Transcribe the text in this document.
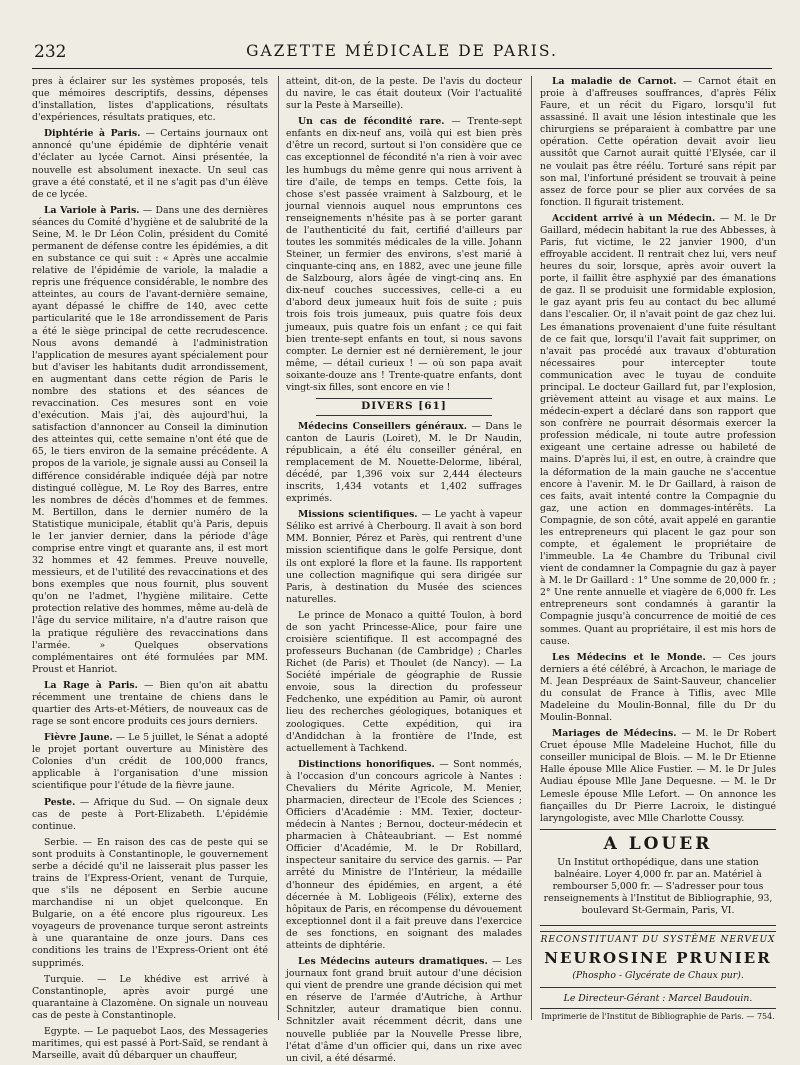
232	GAZETTE MÉDICALE DE PARIS.

pres à éclairer sur les systèmes proposés, tels que mémoires descriptifs, dessins, dépenses d'installation, listes d'applications, résultats d'expériences, résultats pratiques, etc.

Diphtérie à Paris. — Certains journaux ont annoncé qu'une épidémie de diphtérie venait d'éclater au lycée Carnot. Ainsi présentée, la nouvelle est absolument inexacte. Un seul cas grave a été constaté, et il ne s'agit pas d'un élève de ce lycée.

La Variole à Paris. — Dans une des dernières séances du Comité d'hygiène et de salubrité de la Seine, M. le Dr Léon Colin, président du Comité permanent de défense contre les épidémies, a dit en substance ce qui suit : « Après une accalmie relative de l'épidémie de variole, la maladie a repris une fréquence considérable, le nombre des atteintes, au cours de l'avant-dernière semaine, ayant dépassé le chiffre de 140, avec cette particularité que le 18e arrondissement de Paris a été le siège principal de cette recrudescence. Nous avons demandé à l'administration l'application de mesures ayant spécialement pour but d'aviser les habitants dudit arrondissement, en augmentant dans cette région de Paris le nombre des stations et des séances de revaccination. Ces mesures sont en voie d'exécution. Mais j'ai, dès aujourd'hui, la satisfaction d'annoncer au Conseil la diminution des atteintes qui, cette semaine n'ont été que de 65, le tiers environ de la semaine précédente. A propos de la variole, je signale aussi au Conseil la différence considérable indiquée déjà par notre distingué collègue, M. Le Roy des Barres, entre les nombres de décès d'hommes et de femmes. M. Bertillon, dans le dernier numéro de la Statistique municipale, établit qu'à Paris, depuis le 1er janvier dernier, dans la période d'âge comprise entre vingt et quarante ans, il est mort 32 hommes et 42 femmes. Preuve nouvelle, messieurs, et de l'utilité des revaccinations et des bons exemples que nous fournit, plus souvent qu'on ne l'admet, l'hygiène militaire. Cette protection relative des hommes, même au-delà de l'âge du service militaire, n'a d'autre raison que la pratique régulière des revaccinations dans l'armée. » Quelques observations complémentaires ont été formulées par MM. Proust et Hanriot.

La Rage à Paris. — Bien qu'on ait abattu récemment une trentaine de chiens dans le quartier des Arts-et-Métiers, de nouveaux cas de rage se sont encore produits ces jours derniers.

Fièvre Jaune. — Le 5 juillet, le Sénat a adopté le projet portant ouverture au Ministère des Colonies d'un crédit de 100,000 francs, applicable à l'organisation d'une mission scientifique pour l'étude de la fièvre jaune.

Peste. — Afrique du Sud. — On signale deux cas de peste à Port-Elizabeth. L'épidémie continue.

Serbie. — En raison des cas de peste qui se sont produits à Constantinople, le gouvernement serbe a décidé qu'il ne laisserait plus passer les trains de l'Express-Orient, venant de Turquie, que s'ils ne déposent en Serbie aucune marchandise ni un objet quelconque. En Bulgarie, on a été encore plus rigoureux. Les voyageurs de provenance turque seront astreints à une quarantaine de onze jours. Dans ces conditions les trains de l'Express-Orient ont été supprimés.

Turquie. — Le khédive est arrivé à Constantinople, après avoir purgé une quarantaine à Clazomène. On signale un nouveau cas de peste à Constantinople.

Egypte. — Le paquebot Laos, des Messageries maritimes, qui est passé à Port-Saïd, se rendant à Marseille, avait dû débarquer un chauffeur,

atteint, dit-on, de la peste. De l'avis du docteur du navire, le cas était douteux (Voir l'actualité sur la Peste à Marseille).

Un cas de fécondité rare. — Trente-sept enfants en dix-neuf ans, voilà qui est bien près d'être un record, surtout si l'on considère que ce cas exceptionnel de fécondité n'a rien à voir avec les humbugs du même genre qui nous arrivent à tire d'aile, de temps en temps. Cette fois, la chose s'est passée vraiment à Salzbourg, et le journal viennois auquel nous empruntons ces renseignements n'hésite pas à se porter garant de l'authenticité du fait, certifié d'ailleurs par toutes les sommités médicales de la ville. Johann Steiner, un fermier des environs, s'est marié à cinquante-cinq ans, en 1882, avec une jeune fille de Salzbourg, alors âgée de vingt-cinq ans. En dix-neuf couches successives, celle-ci a eu d'abord deux jumeaux huit fois de suite ; puis trois fois trois jumeaux, puis quatre fois deux jumeaux, puis quatre fois un enfant ; ce qui fait bien trente-sept enfants en tout, si nous savons compter. Le dernier est né dernièrement, le jour même, — détail curieux ! — où son papa avait soixante-douze ans ! Trente-quatre enfants, dont vingt-six filles, sont encore en vie !

DIVERS [61]

Médecins Conseillers généraux. — Dans le canton de Lauris (Loiret), M. le Dr Naudin, républicain, a été élu conseiller général, en remplacement de M. Nouette-Delorme, libéral, décédé, par 1,396 voix sur 2,444 électeurs inscrits, 1,434 votants et 1,402 suffrages exprimés.

Missions scientifiques. — Le yacht à vapeur Séliko est arrivé à Cherbourg. Il avait à son bord MM. Bonnier, Pérez et Parès, qui rentrent d'une mission scientifique dans le golfe Persique, dont ils ont exploré la flore et la faune. Ils rapportent une collection magnifique qui sera dirigée sur Paris, à destination du Musée des sciences naturelles.

Le prince de Monaco a quitté Toulon, à bord de son yacht Princesse-Alice, pour faire une croisière scientifique. Il est accompagné des professeurs Buchanan (de Cambridge) ; Charles Richet (de Paris) et Thoulet (de Nancy). — La Société impériale de géographie de Russie envoie, sous la direction du professeur Fedchenko, une expédition au Pamir, où auront lieu des recherches géologiques, botaniques et zoologiques. Cette expédition, qui ira d'Andidchan à la frontière de l'Inde, est actuellement à Tachkend.

Distinctions honorifiques. — Sont nommés, à l'occasion d'un concours agricole à Nantes : Chevaliers du Mérite Agricole, M. Menier, pharmacien, directeur de l'Ecole des Sciences ; Officiers d'Académie : MM. Texier, docteur-médecin à Nantes ; Bernou, docteur-médecin et pharmacien à Châteaubriant. — Est nommé Officier d'Académie, M. le Dr Robillard, inspecteur sanitaire du service des garnis. — Par arrêté du Ministre de l'Intérieur, la médaille d'honneur des épidémies, en argent, a été décernée à M. Lobligeois (Félix), externe des hôpitaux de Paris, en récompense du dévouement exceptionnel dont il a fait preuve dans l'exercice de ses fonctions, en soignant des malades atteints de diphtérie.

Les Médecins auteurs dramatiques. — Les journaux font grand bruit autour d'une décision qui vient de prendre une grande décision qui met en réserve de l'armée d'Autriche, à Arthur Schnitzler, auteur dramatique bien connu. Schnitzler avait récemment décrit, dans une nouvelle publiée par la Nouvelle Presse libre, l'état d'âme d'un officier qui, dans un rixe avec un civil, a été désarmé.

La maladie de Carnot. — Carnot était en proie à d'affreuses souffrances, d'après Félix Faure, et un récit du Figaro, lorsqu'il fut assassiné. Il avait une lésion intestinale que les chirurgiens se préparaient à combattre par une opération. Cette opération devait avoir lieu aussitôt que Carnot aurait quitté l'Elysée, car il ne voulait pas être réélu. Torturé sans répit par son mal, l'infortuné président se trouvait à peine assez de force pour se plier aux corvées de sa fonction. Il figurait tristement.

Accident arrivé à un Médecin. — M. le Dr Gaillard, médecin habitant la rue des Abbesses, à Paris, fut victime, le 22 janvier 1900, d'un effroyable accident. Il rentrait chez lui, vers neuf heures du soir, lorsque, après avoir ouvert la porte, il faillit être asphyxié par des émanations de gaz. Il se produisit une formidable explosion, le gaz ayant pris feu au contact du bec allumé dans l'escalier. Or, il n'avait point de gaz chez lui. Les émanations provenaient d'une fuite résultant de ce fait que, lorsqu'il l'avait fait supprimer, on n'avait pas procédé aux travaux d'obturation nécessaires pour intercepter toute communication avec le tuyau de conduite principal. Le docteur Gaillard fut, par l'explosion, grièvement atteint au visage et aux mains. Le médecin-expert a déclaré dans son rapport que son confrère ne pourrait désormais exercer la profession médicale, ni toute autre profession exigeant une certaine adresse ou habileté de mains. D'après lui, il est, en outre, à craindre que la déformation de la main gauche ne s'accentue encore à l'avenir. M. le Dr Gaillard, à raison de ces faits, avait intenté contre la Compagnie du gaz, une action en dommages-intérêts. La Compagnie, de son côté, avait appelé en garantie les entrepreneurs qui placent le gaz pour son compte, et également le propriétaire de l'immeuble. La 4e Chambre du Tribunal civil vient de condamner la Compagnie du gaz à payer à M. le Dr Gaillard : 1° Une somme de 20,000 fr. ; 2° Une rente annuelle et viagère de 6,000 fr. Les entrepreneurs sont condamnés à garantir la Compagnie jusqu'à concurrence de moitié de ces sommes. Quant au propriétaire, il est mis hors de cause.

Les Médecins et le Monde. — Ces jours derniers a été célébré, à Arcachon, le mariage de M. Jean Despréaux de Saint-Sauveur, chancelier du consulat de France à Tiflis, avec Mlle Madeleine du Moulin-Bonnal, fille du Dr du Moulin-Bonnal.

Mariages de Médecins. — M. le Dr Robert Cruet épouse Mlle Madeleine Huchot, fille du conseiller municipal de Blois. — M. le Dr Etienne Halle épouse Mlle Alice Fustier. — M. le Dr Jules Audiau épouse Mlle Jane Dequesne. — M. le Dr Lemesle épouse Mlle Lefort. — On annonce les fiançailles du Dr Pierre Lacroix, le distingué laryngologiste, avec Mlle Charlotte Coussy.

A LOUER

Un Institut orthopédique, dans une station balnéaire. Loyer 4,000 fr. par an. Matériel à rembourser 5,000 fr. — S'adresser pour tous renseignements à l'Institut de Bibliographie, 93, boulevard St-Germain, Paris, VI.

RECONSTITUANT DU SYSTÈME NERVEUX
NEUROSINE PRUNIER
(Phospho - Glycérate de Chaux pur).
Le Directeur-Gérant : Marcel Baudouin.
Imprimerie de l'Institut de Bibliographie de Paris. — 754.
